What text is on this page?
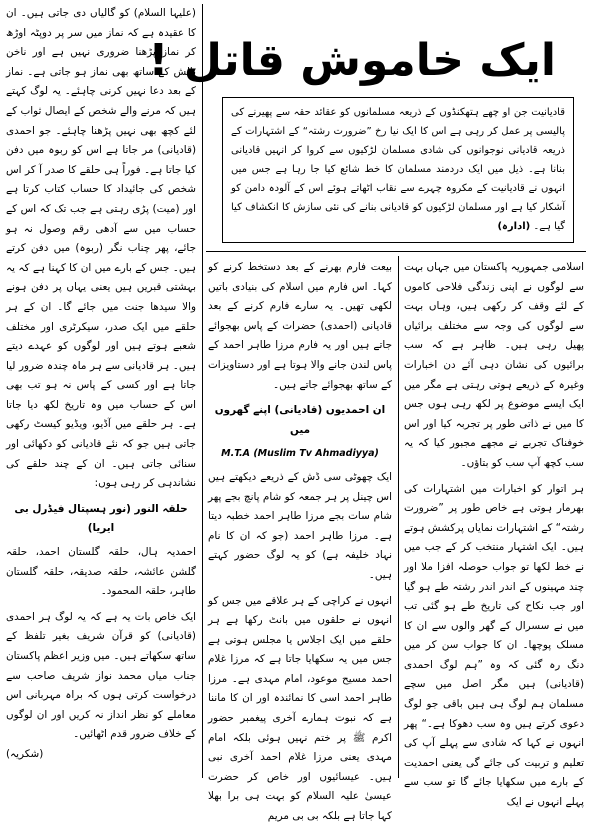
ایک خاموش قاتل !
قادیانیت جن او چھے ہتھکنڈوں کے ذریعہ مسلمانوں کو عقائد حقہ سے پھیرنے کی پالیسی پر عمل کر رہی ہے اس کا ایک نیا رخ ”ضرورت رشتہ“ کے اشتہارات کے ذریعہ قادیانی نوجوانوں کی شادی مسلمان لڑکیوں سے کروا کر انہیں قادیانی بنانا ہے۔ ذیل میں ایک دردمند مسلمان کا خط شائع کیا جا رہا ہے جس میں انہوں نے قادیانیت کے مکروہ چہرے سے نقاب اٹھاتے ہوئے اس کے آلودہ دامن کو آشکار کیا ہے اور مسلمان لڑکیوں کو قادیانی بنانے کی نئی سازش کا انکشاف کیا گیا ہے۔ (ادارہ)

(علیہا السلام) کو گالیاں دی جاتی ہیں۔ ان کا عقیدہ ہے کہ نماز میں سر پر دوپٹہ اوڑھ کر نماز پڑھنا ضروری نہیں ہے اور ناخن پالش کے ساتھ بھی نماز ہو جاتی ہے۔ نماز کے بعد دعا نہیں کرنی چاہئے۔ یہ لوگ کہتے ہیں کہ مرنے والے شخص کے ایصال ثواب کے لئے کچھ بھی نہیں پڑھنا چاہئے۔ جو احمدی (قادیانی) مر جاتا ہے اس کو ربوہ میں دفن کیا جاتا ہے۔ فوراً ہی حلقے کا صدر آ کر اس شخص کی جائیداد کا حساب کتاب کرتا ہے اور (میت) پڑی رہتی ہے جب تک کہ اس کے حساب میں سے آدھی رقم وصول نہ ہو جائے، پھر چناب نگر (ربوہ) میں دفن کرتے ہیں۔ جس کے بارے میں ان کا کہنا ہے کہ یہ بہشتی قبریں ہیں یعنی یہاں پر دفن ہونے والا سیدھا جنت میں جائے گا۔ ان کے ہر حلقے میں ایک صدر، سیکرٹری اور مختلف شعبے ہوتے ہیں اور لوگوں کو عہدے دیتے ہیں۔ ہر قادیانی سے ہر ماہ چندہ ضرور لیا جاتا ہے اور کسی کے پاس نہ ہو تب بھی اس کے حساب میں وہ تاریخ لکھ دیا جاتا ہے۔ ہر حلقے میں آڈیو، ویڈیو کیسٹ رکھی جاتی ہیں جو کہ نئے قادیانی کو دکھائی اور سنائی جاتی ہیں۔ ان کے چند حلقے کی نشاندہی کر رہی ہوں:

حلقہ النور (نور ہسپتال فیڈرل بی ایریا)

احمدیہ ہال، حلقہ گلستان احمد، حلقہ گلشن عائشہ، حلقہ صدیقہ، حلقہ گلستان طاہر، حلقہ المحمود۔

ایک خاص بات یہ ہے کہ یہ لوگ ہر احمدی (قادیانی) کو قرآن شریف بغیر تلفظ کے ساتھ سکھاتے ہیں۔ میں وزیر اعظم پاکستان جناب میاں محمد نواز شریف صاحب سے درخواست کرتی ہوں کہ براہ مہربانی اس معاملے کو نظر انداز نہ کریں اور ان لوگوں کے خلاف ضرور قدم اٹھائیں۔

(شکریہ)

بیعت فارم بھرنے کے بعد دستخط کرنے کو کہا۔ اس فارم میں اسلام کی بنیادی باتیں لکھی تھیں۔ یہ سارے فارم کرنے کے بعد قادیانی (احمدی) حضرات کے پاس بھجوائے جاتے ہیں اور یہ فارم مرزا طاہر احمد کے پاس لندن جانے والا ہوتا ہے اور دستاویزات کے ساتھ بھجوائے جاتے ہیں۔

ان احمدیوں (قادیانی) اپنے گھروں میں

M.T.A (Muslim Tv Ahmadiyya)

ایک چھوٹی سی ڈش کے ذریعے دیکھتے ہیں اس چینل پر ہر جمعہ کو شام پانچ بجے پھر شام سات بجے مرزا طاہر احمد خطبہ دیتا ہے۔ مرزا طاہر احمد (جو کہ ان کا نام نہاد خلیفہ ہے) کو یہ لوگ حضور کہتے ہیں۔

انہوں نے کراچی کے ہر علاقے میں جس کو انہوں نے حلقوں میں بانٹ رکھا ہے ہر حلقے میں ایک اجلاس یا مجلس ہوتی ہے جس میں یہ سکھایا جاتا ہے کہ مرزا غلام احمد مسیح موعود، امام مہدی ہے۔ مرزا طاہر احمد اسی کا نمائندہ اور ان کا ماننا ہے کہ نبوت ہمارے آخری پیغمبر حضور اکرم ﷺ پر ختم نہیں ہوئی بلکہ امام مہدی یعنی مرزا غلام احمد آخری نبی ہیں۔ عیسائیوں اور خاص کر حضرت عیسیٰ علیہ السلام کو بہت ہی برا بھلا کہا جاتا ہے بلکہ بی بی مریم

اسلامی جمہوریہ پاکستان میں جہاں بہت سے لوگوں نے اپنی زندگی فلاحی کاموں کے لئے وقف کر رکھی ہیں، وہاں بہت سے لوگوں کی وجہ سے مختلف برائیاں پھیل رہی ہیں۔ ظاہر ہے کہ سب برائیوں کی نشان دہی آئے دن اخبارات وغیرہ کے ذریعے ہوتی رہتی ہے مگر میں ایک ایسے موضوع پر لکھ رہی ہوں جس کا میں نے ذاتی طور پر تجربہ کیا اور اس خوفناک تجربے نے مجھے مجبور کیا کہ یہ سب کچھ آپ سب کو بتاؤں۔

ہر اتوار کو اخبارات میں اشتہارات کی بھرمار ہوتی ہے خاص طور پر ”ضرورت رشتہ“ کے اشتہارات نمایاں پرکشش ہوتے ہیں۔ ایک اشتہار منتخب کر کے جب میں نے خط لکھا تو جواب حوصلہ افزا ملا اور چند مہینوں کے اندر اندر رشتہ طے ہو گیا اور جب نکاح کی تاریخ طے ہو گئی تب میں نے سسرال کے گھر والوں سے ان کا مسلک پوچھا۔ ان کا جواب سن کر میں دنگ رہ گئی کہ وہ ”ہم لوگ احمدی (قادیانی) ہیں مگر اصل میں سچے مسلمان ہم لوگ ہی ہیں باقی جو لوگ دعوی کرتے ہیں وہ سب دھوکا ہے۔“ پھر انہوں نے کہا کہ شادی سے پہلے آپ کی تعلیم و تربیت کی جائے گی یعنی احمدیت کے بارے میں سکھایا جائے گا تو سب سے پہلے انہوں نے ایک
